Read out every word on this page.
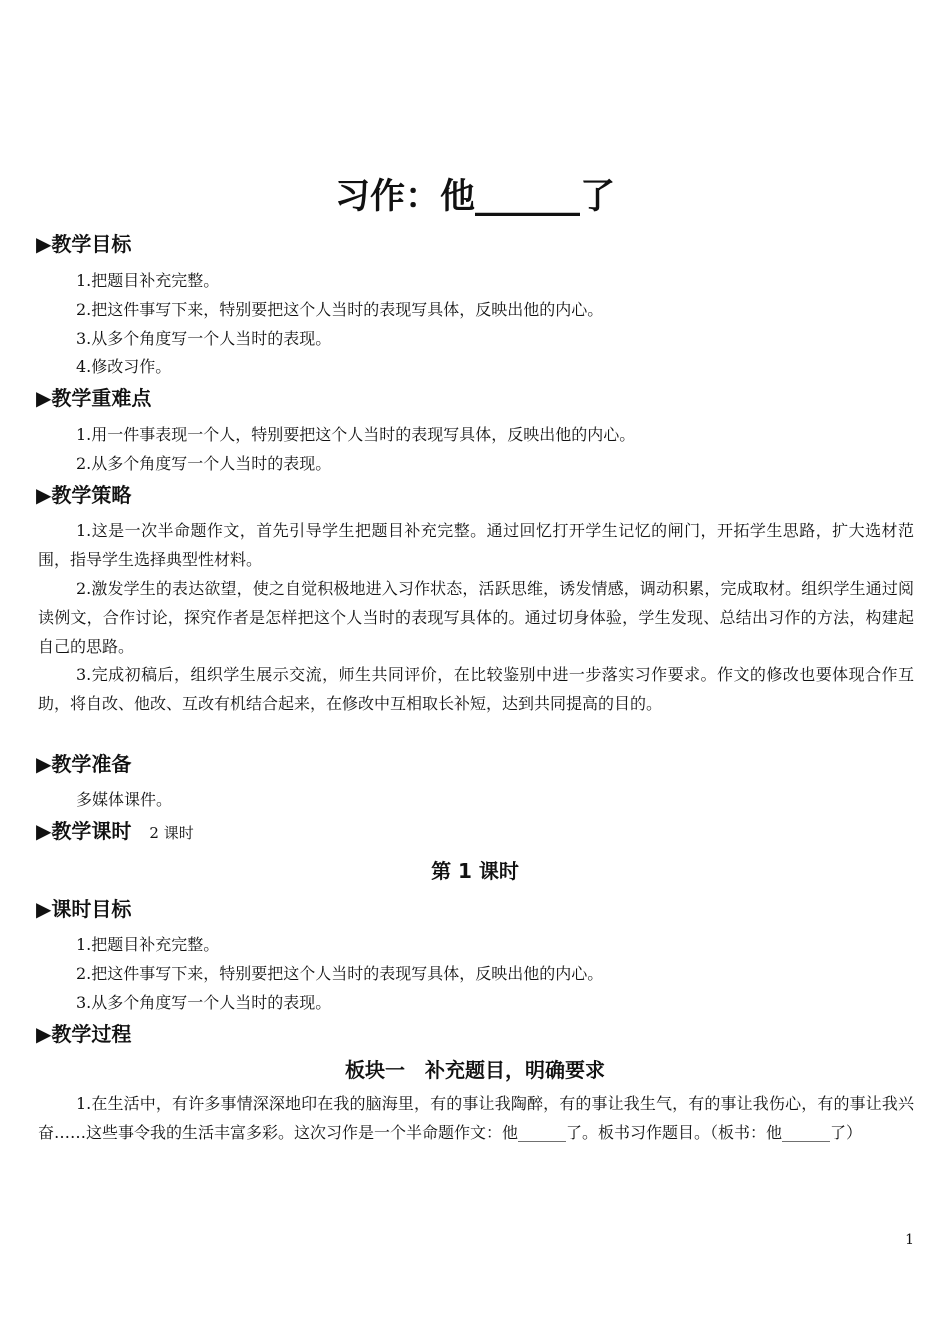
习作：他______了
▶教学目标
1.把题目补充完整。
2.把这件事写下来，特别要把这个人当时的表现写具体，反映出他的内心。
3.从多个角度写一个人当时的表现。
4.修改习作。
▶教学重难点
1.用一件事表现一个人，特别要把这个人当时的表现写具体，反映出他的内心。
2.从多个角度写一个人当时的表现。
▶教学策略
1.这是一次半命题作文，首先引导学生把题目补充完整。通过回忆打开学生记忆的闸门，开拓学生思路，扩大选材范围，指导学生选择典型性材料。
2.激发学生的表达欲望，使之自觉积极地进入习作状态，活跃思维，诱发情感，调动积累，完成取材。组织学生通过阅读例文，合作讨论，探究作者是怎样把这个人当时的表现写具体的。通过切身体验，学生发现、总结出习作的方法，构建起自己的思路。
3.完成初稿后，组织学生展示交流，师生共同评价，在比较鉴别中进一步落实习作要求。作文的修改也要体现合作互助，将自改、他改、互改有机结合起来，在修改中互相取长补短，达到共同提高的目的。
▶教学准备
多媒体课件。
▶教学课时 2 课时
第 1 课时
▶课时目标
1.把题目补充完整。
2.把这件事写下来，特别要把这个人当时的表现写具体，反映出他的内心。
3.从多个角度写一个人当时的表现。
▶教学过程
板块一　补充题目，明确要求
1.在生活中，有许多事情深深地印在我的脑海里，有的事让我陶醉，有的事让我生气，有的事让我伤心，有的事让我兴奋……这些事令我的生活丰富多彩。这次习作是一个半命题作文：他______了。板书习作题目。（板书：他______了）
1
